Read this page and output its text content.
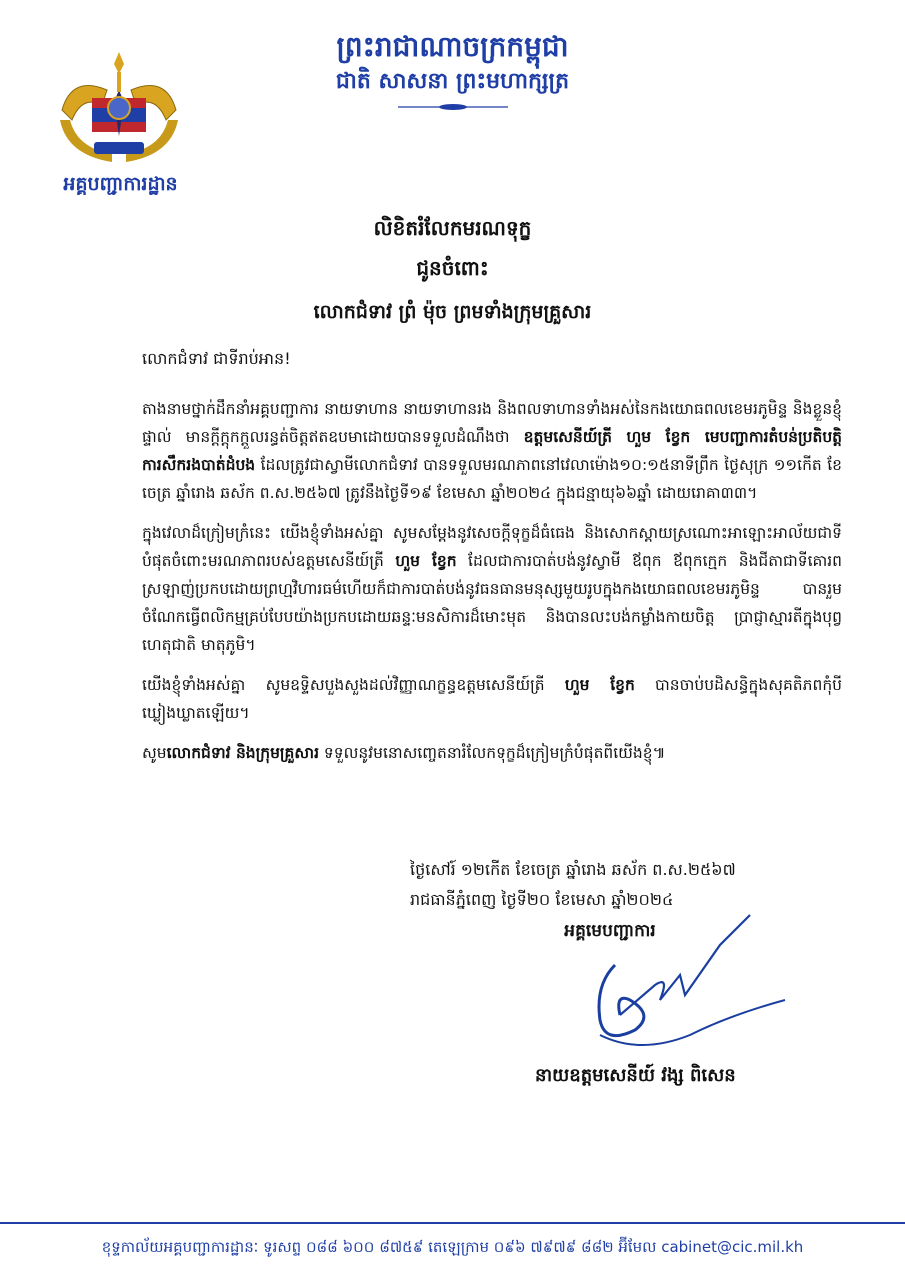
ព្រះរាជាណាចក្រកម្ពុជា
ជាតិ សាសនា ព្រះមហាក្សត្រ
អគ្គបញ្ជាការដ្ឋាន
លិខិតរំលែកមរណទុក្ខ
ជូនចំពោះ
លោកជំទាវ ព្រំ ម៉ុច ព្រមទាំងក្រុមគ្រួសារ
លោកជំទាវ ជាទីរាប់អាន!

តាងនាមថ្នាក់ដឹកនាំអគ្គបញ្ជាការ នាយទាហាន នាយទាហានរង និងពលទាហានទាំងអស់នៃកងយោធពលខេមរភូមិន្ទ និងខ្លួនខ្ញុំផ្ទាល់ មានក្ដីក្ដុកក្ដួលរន្ធត់ចិត្តឥតឧបមាដោយបានទទួលដំណឹងថា ឧត្ដមសេនីយ៍ត្រី ហួម ខ្វែក មេបញ្ជាការតំបន់ប្រតិបត្តិការសឹករងបាត់ដំបង ដែលត្រូវជាស្វាមីលោកជំទាវ បានទទួលមរណភាពនៅវេលាម៉ោង១០:១៥នាទីព្រឹក ថ្ងៃសុក្រ ១១កើត ខែចេត្រ ឆ្នាំរោង ឆស័ក ព.ស.២៥៦៧ ត្រូវនឹងថ្ងៃទី១៩ ខែមេសា ឆ្នាំ២០២៤ ក្នុងជន្មាយុ៦៦ឆ្នាំ ដោយរោគា៣៣។

ក្នុងវេលាដ៏ក្រៀមក្រំនេះ យើងខ្ញុំទាំងអស់គ្នា សូមសម្ដែងនូវសេចក្ដីទុក្ខដ៏ធំធេង និងសោកស្ដាយស្រណោះអាឡោះអាល័យជាទីបំផុតចំពោះមរណភាពរបស់ឧត្ដមសេនីយ៍ត្រី ហួម ខ្វែក ដែលជាការបាត់បង់នូវស្វាមី ឪពុក ឪពុកក្មេក និងជីតាជាទីគោរពស្រឡាញ់ប្រកបដោយព្រហ្មវិហារធម៌ហើយក៏ជាការបាត់បង់នូវធនធានមនុស្សមួយរូបក្នុងកងយោធពលខេមរភូមិន្ទ បានរួមចំណែកធ្វើពលិកម្មគ្រប់បែបយ៉ាងប្រកបដោយឆន្ទៈមនសិការដ៏មោះមុត និងបានលះបង់កម្លាំងកាយចិត្ត ប្រាជ្ញាស្មារតីក្នុងបុព្វហេតុជាតិ មាតុភូមិ។

យើងខ្ញុំទាំងអស់គ្នា សូមឧទ្ទិសបួងសួងដល់វិញ្ញាណក្ខន្ធឧត្ដមសេនីយ៍ត្រី ហួម ខ្វែក បានចាប់បដិសន្ធិក្នុងសុគតិភពកុំបីឃ្លៀងឃ្លាតឡើយ។

សូមលោកជំទាវ និងក្រុមគ្រួសារ ទទួលនូវមនោសញ្ចេតនារំលែកទុក្ខដ៏ក្រៀមក្រំបំផុតពីយើងខ្ញុំ៕

ថ្ងៃសៅរ៍ ១២កើត ខែចេត្រ ឆ្នាំរោង ឆស័ក ព.ស.២៥៦៧
រាជធានីភ្នំពេញ ថ្ងៃទី២០ ខែមេសា ឆ្នាំ២០២៤
អគ្គមេបញ្ជាការ
នាយឧត្តមសេនីយ៍ វង្ស ពិសេន
ខុទ្ទកាល័យអគ្គបញ្ជាការដ្ឋានៈ ទូរសព្ទ ០៨៨ ៦០០ ៨៧៥៩ តេឡេក្រាម ០៩៦ ៧៩៧៩ ៨៨២ អ៊ីមែល cabinet@cic.mil.kh
